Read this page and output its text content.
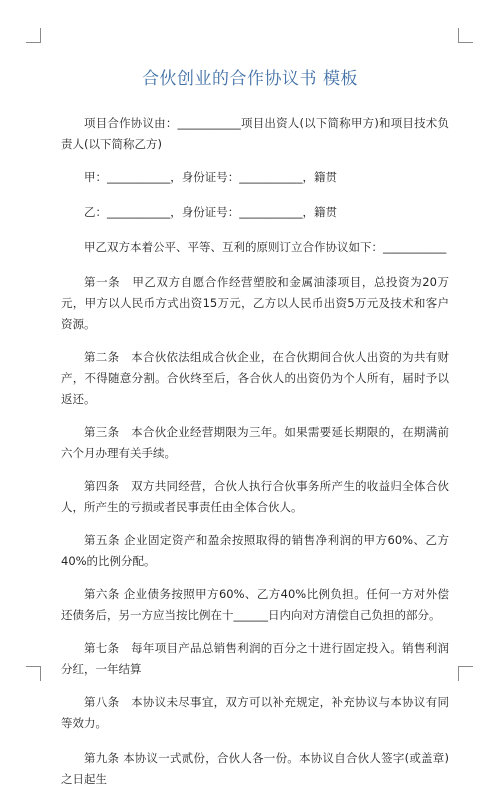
合伙创业的合作协议书 模板

项目合作协议由：___________项目出资人(以下简称甲方)和项目技术负责人(以下简称乙方)

甲：___________，身份证号：___________，籍贯

乙：___________，身份证号：___________，籍贯

甲乙双方本着公平、平等、互利的原则订立合作协议如下：___________

第一条　甲乙双方自愿合作经营塑胶和金属油漆项目，总投资为20万元，甲方以人民币方式出资15万元，乙方以人民币出资5万元及技术和客户资源。

第二条　本合伙依法组成合伙企业，在合伙期间合伙人出资的为共有财产，不得随意分割。合伙终至后，各合伙人的出资仍为个人所有，届时予以返还。

第三条　本合伙企业经营期限为三年。如果需要延长期限的，在期满前六个月办理有关手续。

第四条　双方共同经营，合伙人执行合伙事务所产生的收益归全体合伙人，所产生的亏损或者民事责任由全体合伙人。

第五条 企业固定资产和盈余按照取得的销售净利润的甲方60%、乙方40%的比例分配。

第六条 企业债务按照甲方60%、乙方40%比例负担。任何一方对外偿还债务后，另一方应当按比例在十______日内向对方清偿自己负担的部分。

第七条　每年项目产品总销售利润的百分之十进行固定投入。销售利润分红，一年结算

第八条　本协议未尽事宜，双方可以补充规定，补充协议与本协议有同等效力。

第九条 本协议一式贰份，合伙人各一份。本协议自合伙人签字(或盖章)之日起生
